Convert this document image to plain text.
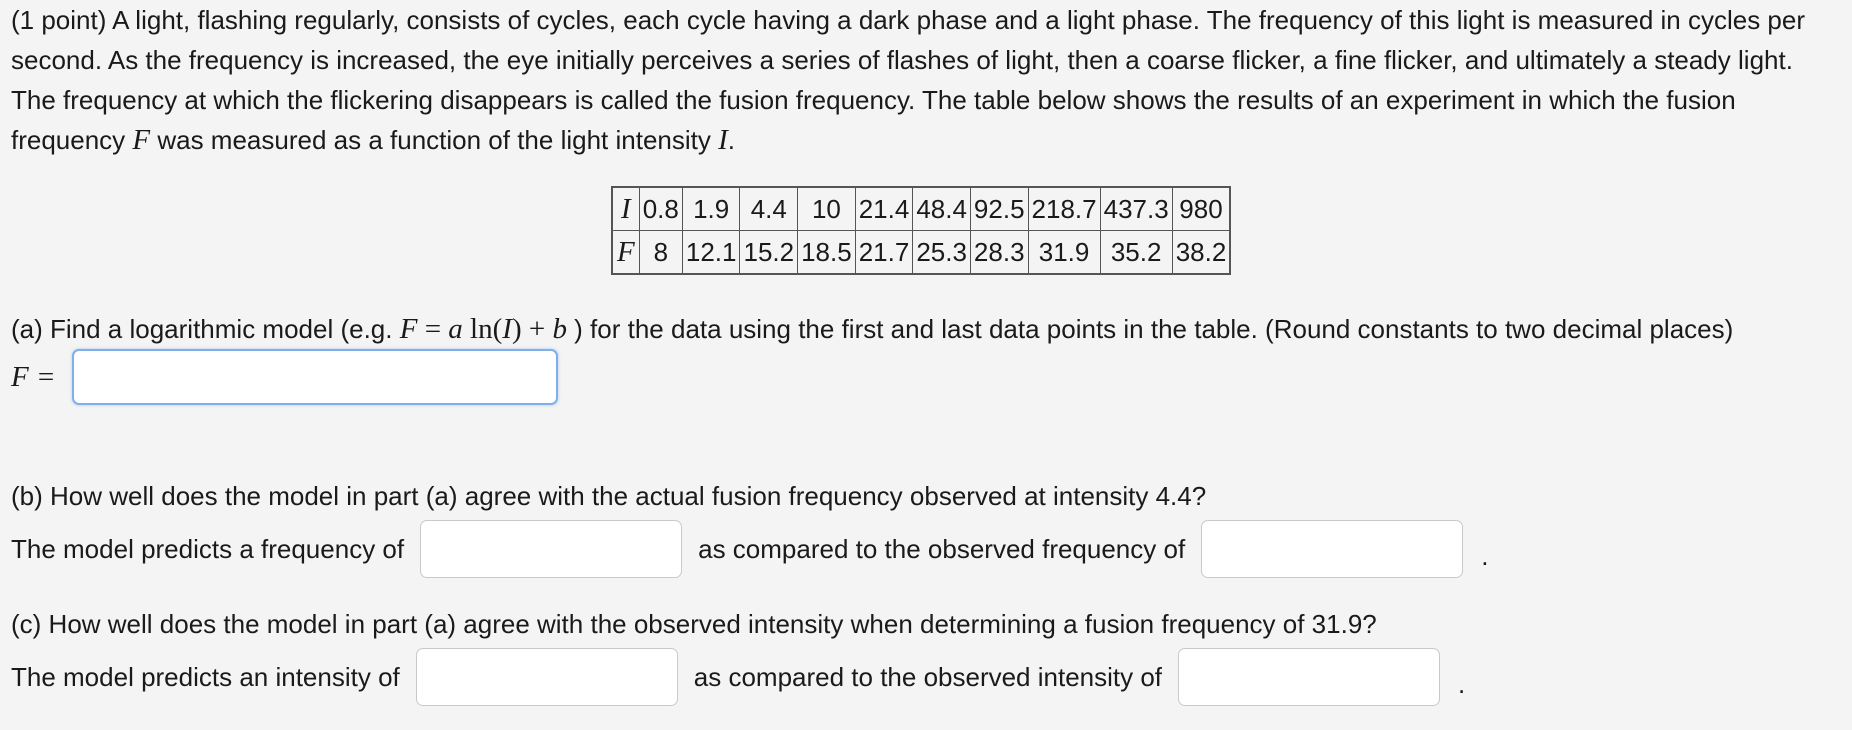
(1 point) A light, flashing regularly, consists of cycles, each cycle having a dark phase and a light phase. The frequency of this light is measured in cycles per second. As the frequency is increased, the eye initially perceives a series of flashes of light, then a coarse flicker, a fine flicker, and ultimately a steady light. The frequency at which the flickering disappears is called the fusion frequency. The table below shows the results of an experiment in which the fusion frequency F was measured as a function of the light intensity I.

I	0.8	1.9	4.4	10	21.4	48.4	92.5	218.7	437.3	980
F	8	12.1	15.2	18.5	21.7	25.3	28.3	31.9	35.2	38.2

(a) Find a logarithmic model (e.g. F = a ln(I) + b ) for the data using the first and last data points in the table. (Round constants to two decimal places)

F =

(b) How well does the model in part (a) agree with the actual fusion frequency observed at intensity 4.4?

The model predicts a frequency of	as compared to the observed frequency of	.

(c) How well does the model in part (a) agree with the observed intensity when determining a fusion frequency of 31.9?

The model predicts an intensity of	as compared to the observed intensity of	.
